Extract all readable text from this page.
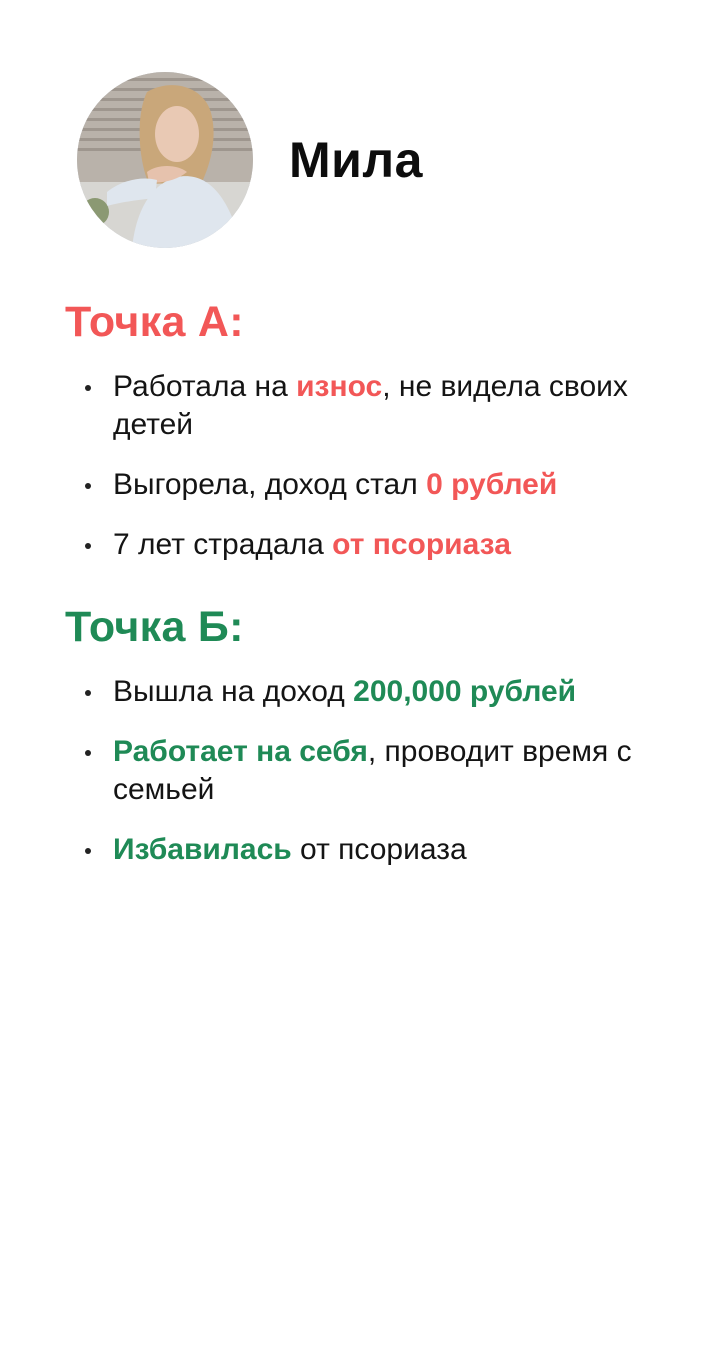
Мила
Точка А:
Работала на износ, не видела своих детей
Выгорела, доход стал 0 рублей
7 лет страдала от псориаза
Точка Б:
Вышла на доход 200,000 рублей
Работает на себя, проводит время с семьей
Избавилась от псориаза
